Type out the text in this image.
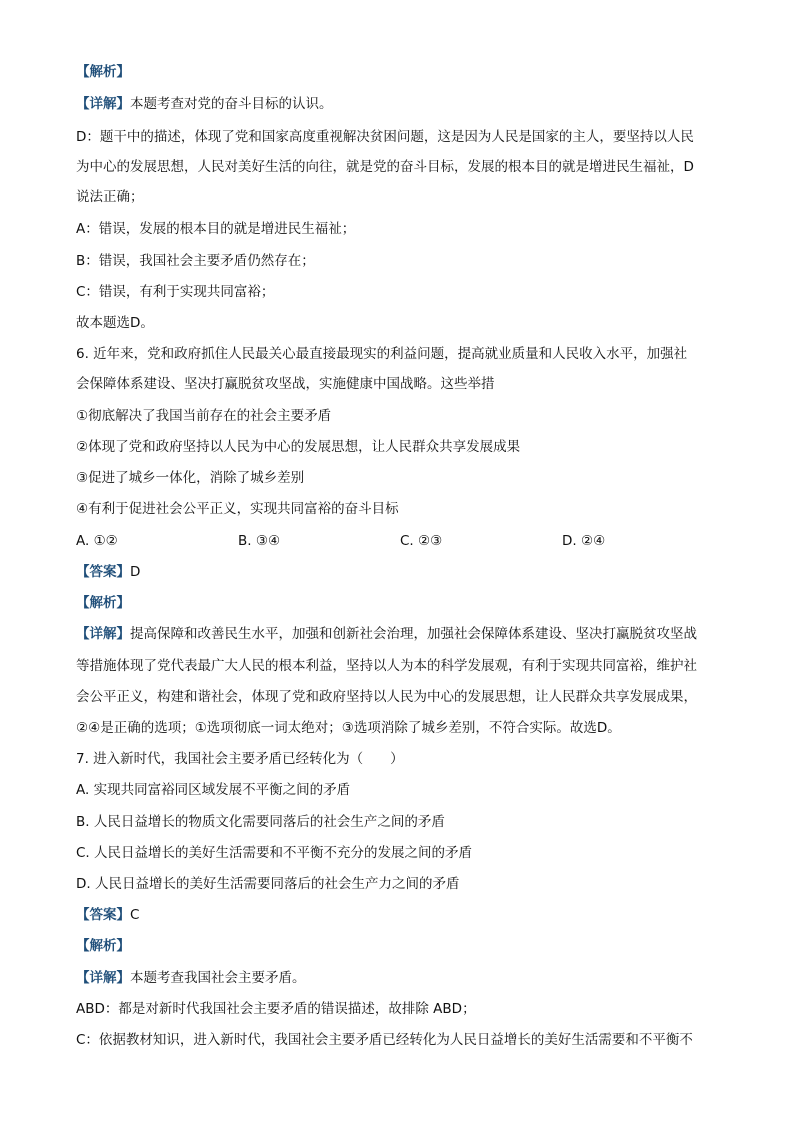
【解析】

【详解】本题考查对党的奋斗目标的认识。

D：题干中的描述，体现了党和国家高度重视解决贫困问题，这是因为人民是国家的主人，要坚持以人民

为中心的发展思想，人民对美好生活的向往，就是党的奋斗目标，发展的根本目的就是增进民生福祉，D

说法正确；

A：错误，发展的根本目的就是增进民生福祉；

B：错误，我国社会主要矛盾仍然存在；

C：错误，有利于实现共同富裕；

故本题选D。

6. 近年来，党和政府抓住人民最关心最直接最现实的利益问题，提高就业质量和人民收入水平，加强社

会保障体系建设、坚决打赢脱贫攻坚战，实施健康中国战略。这些举措

①彻底解决了我国当前存在的社会主要矛盾

②体现了党和政府坚持以人民为中心的发展思想，让人民群众共享发展成果

③促进了城乡一体化，消除了城乡差别

④有利于促进社会公平正义，实现共同富裕的奋斗目标

A. ①②	B. ③④	C. ②③	D. ②④

【答案】D

【解析】

【详解】提高保障和改善民生水平，加强和创新社会治理，加强社会保障体系建设、坚决打赢脱贫攻坚战

等措施体现了党代表最广大人民的根本利益，坚持以人为本的科学发展观，有利于实现共同富裕，维护社

会公平正义，构建和谐社会，体现了党和政府坚持以人民为中心的发展思想，让人民群众共享发展成果，

②④是正确的选项；①选项彻底一词太绝对；③选项消除了城乡差别，不符合实际。故选D。

7. 进入新时代，我国社会主要矛盾已经转化为（　　）

A. 实现共同富裕同区域发展不平衡之间的矛盾

B. 人民日益增长的物质文化需要同落后的社会生产之间的矛盾

C. 人民日益增长的美好生活需要和不平衡不充分的发展之间的矛盾

D. 人民日益增长的美好生活需要同落后的社会生产力之间的矛盾

【答案】C

【解析】

【详解】本题考查我国社会主要矛盾。

ABD：都是对新时代我国社会主要矛盾的错误描述，故排除 ABD；

C：依据教材知识，进入新时代，我国社会主要矛盾已经转化为人民日益增长的美好生活需要和不平衡不
